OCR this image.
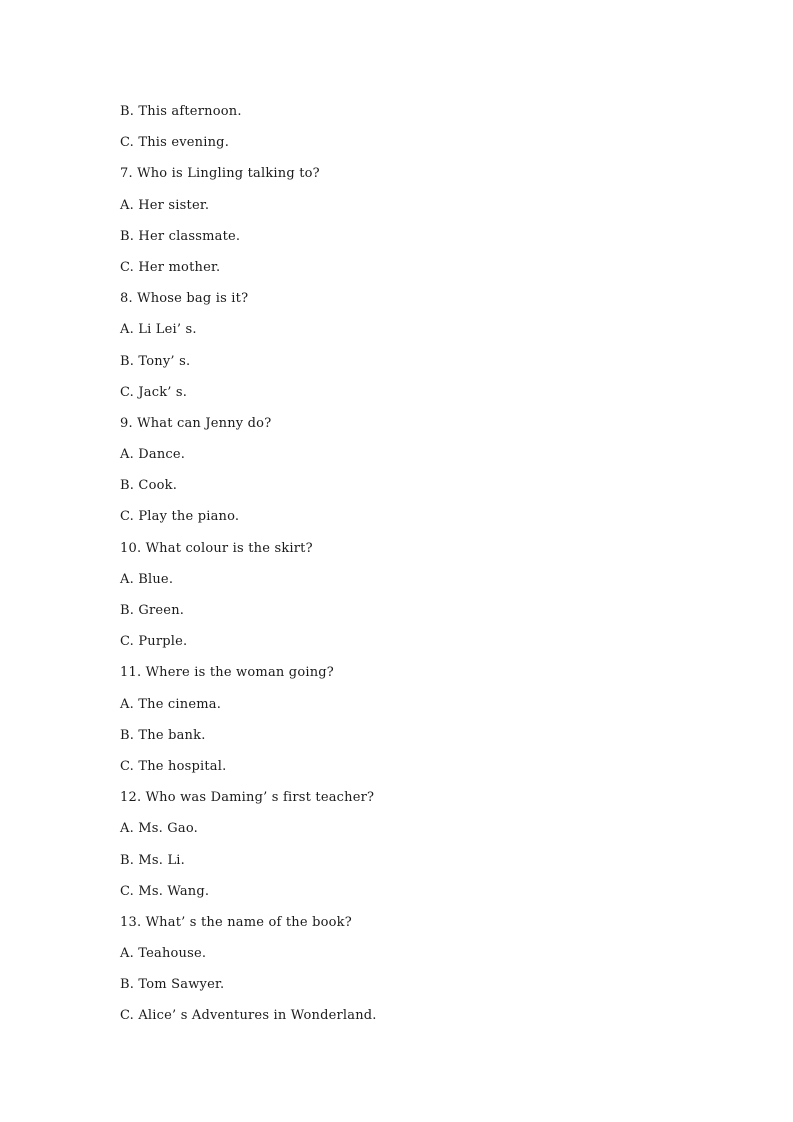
B. This afternoon.
C. This evening.
7. Who is Lingling talking to?
A. Her sister.
B. Her classmate.
C. Her mother.
8. Whose bag is it?
A. Li Lei’ s.
B. Tony’ s.
C. Jack’ s.
9. What can Jenny do?
A. Dance.
B. Cook.
C. Play the piano.
10. What colour is the skirt?
A. Blue.
B. Green.
C. Purple.
11. Where is the woman going?
A. The cinema.
B. The bank.
C. The hospital.
12. Who was Daming’ s first teacher?
A. Ms. Gao.
B. Ms. Li.
C. Ms. Wang.
13. What’ s the name of the book?
A. Teahouse.
B. Tom Sawyer.
C. Alice’ s Adventures in Wonderland.
